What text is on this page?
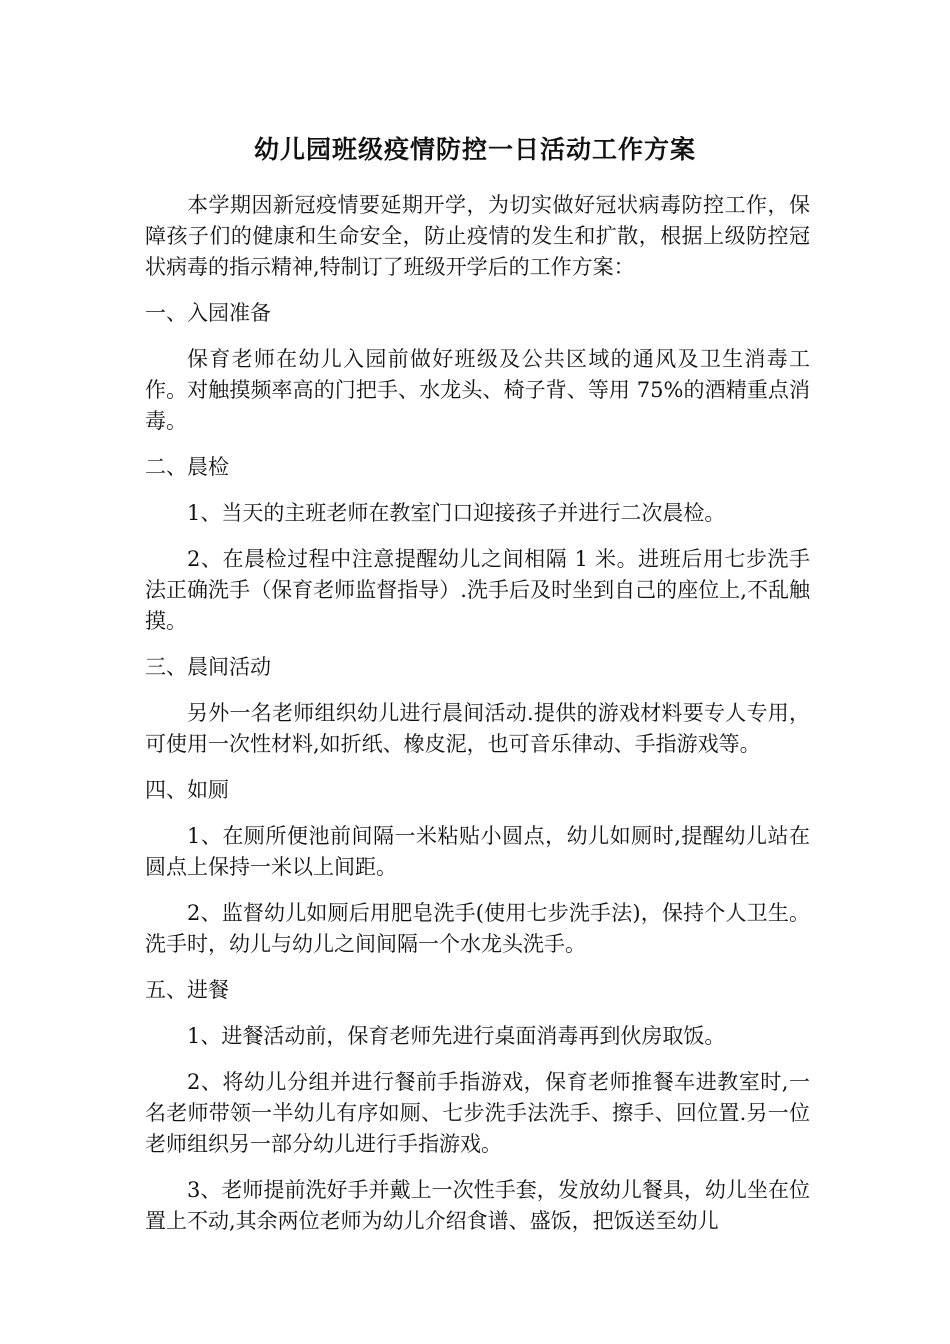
幼儿园班级疫情防控一日活动工作方案

本学期因新冠疫情要延期开学，为切实做好冠状病毒防控工作，保障孩子们的健康和生命安全，防止疫情的发生和扩散，根据上级防控冠状病毒的指示精神,特制订了班级开学后的工作方案：

一、入园准备

保育老师在幼儿入园前做好班级及公共区域的通风及卫生消毒工作。对触摸频率高的门把手、水龙头、椅子背、等用 75%的酒精重点消毒。

二、晨检

1、当天的主班老师在教室门口迎接孩子并进行二次晨检。

2、在晨检过程中注意提醒幼儿之间相隔 1 米。进班后用七步洗手法正确洗手（保育老师监督指导）.洗手后及时坐到自己的座位上,不乱触摸。

三、晨间活动

另外一名老师组织幼儿进行晨间活动.提供的游戏材料要专人专用，可使用一次性材料,如折纸、橡皮泥，也可音乐律动、手指游戏等。

四、如厕

1、在厕所便池前间隔一米粘贴小圆点，幼儿如厕时,提醒幼儿站在圆点上保持一米以上间距。

2、监督幼儿如厕后用肥皂洗手(使用七步洗手法)，保持个人卫生。洗手时，幼儿与幼儿之间间隔一个水龙头洗手。

五、进餐

1、进餐活动前，保育老师先进行桌面消毒再到伙房取饭。

2、将幼儿分组并进行餐前手指游戏，保育老师推餐车进教室时,一名老师带领一半幼儿有序如厕、七步洗手法洗手、擦手、回位置.另一位老师组织另一部分幼儿进行手指游戏。

3、老师提前洗好手并戴上一次性手套，发放幼儿餐具，幼儿坐在位置上不动,其余两位老师为幼儿介绍食谱、盛饭，把饭送至幼儿
